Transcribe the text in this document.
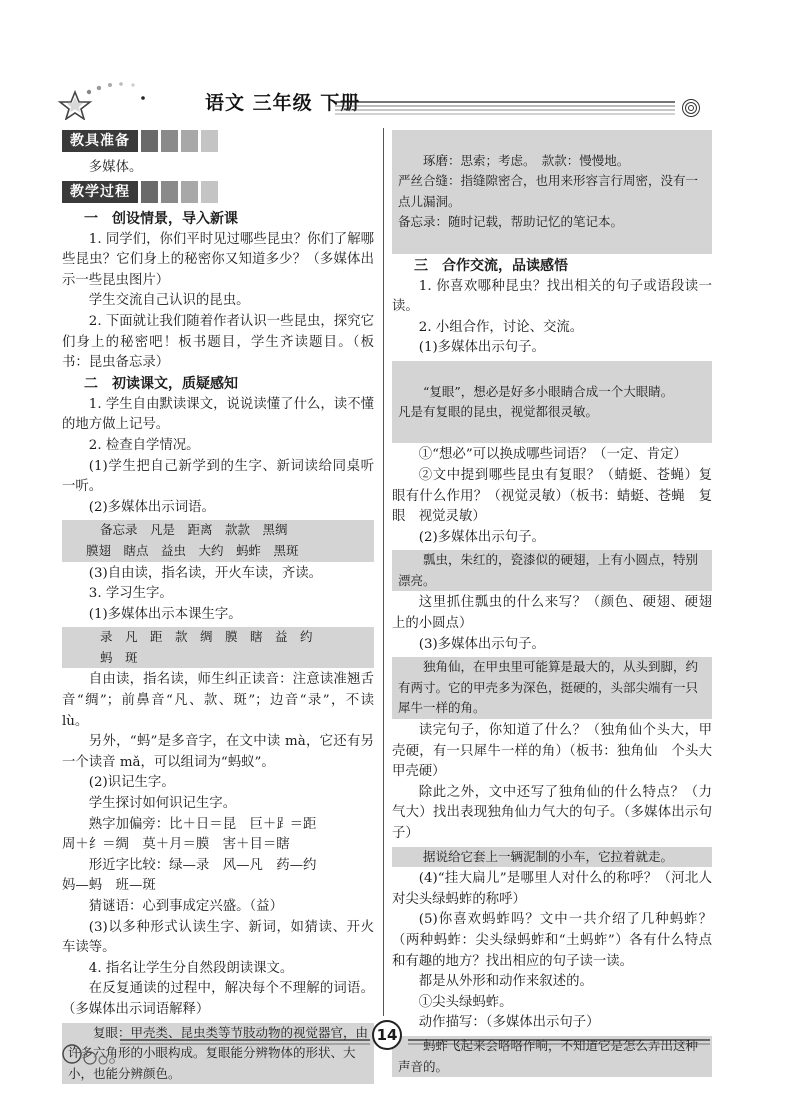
语文 三年级 下册
教具准备

多媒体。

教学过程

一　创设情景，导入新课

1. 同学们，你们平时见过哪些昆虫？你们了解哪些昆虫？它们身上的秘密你又知道多少？（多媒体出示一些昆虫图片）

学生交流自己认识的昆虫。

2. 下面就让我们随着作者认识一些昆虫，探究它们身上的秘密吧！板书题目，学生齐读题目。（板书：昆虫备忘录）

二　初读课文，质疑感知

1. 学生自由默读课文，说说读懂了什么，读不懂的地方做上记号。

2. 检查自学情况。

(1)学生把自己新学到的生字、新词读给同桌听一听。

(2)多媒体出示词语。

备忘录　凡是　距离　款款　黑绸
膜翅　瞎点　益虫　大约　蚂蚱　黑斑

(3)自由读，指名读，开火车读，齐读。

3. 学习生字。

(1)多媒体出示本课生字。

录　凡　距　款　绸　膜　瞎　益　约
蚂　斑

自由读，指名读，师生纠正读音：注意读准翘舌音“绸”；前鼻音“凡、款、斑”；边音“录”，不读 lù。

另外，“蚂”是多音字，在文中读 mà，它还有另一个读音 mǎ，可以组词为“蚂蚁”。

(2)识记生字。

学生探讨如何识记生字。

熟字加偏旁：比＋日＝昆　巨＋⻊＝距

周＋纟＝绸　莫＋月＝膜　害＋目＝瞎

形近字比较：绿—录　风—凡　药—约

妈—蚂　班—斑

猜谜语：心到事成定兴盛。（益）

(3)以多种形式认读生字、新词，如猜读、开火车读等。

4. 指名让学生分自然段朗读课文。

在反复通读的过程中，解决每个不理解的词语。（多媒体出示词语解释）

复眼：甲壳类、昆虫类等节肢动物的视觉器官，由许多六角形的小眼构成。复眼能分辨物体的形状、大小，也能分辨颜色。

琢磨：思索；考虑。　款款：慢慢地。
严丝合缝：指缝隙密合，也用来形容言行周密，没有一点儿漏洞。
备忘录：随时记载，帮助记忆的笔记本。

三　合作交流，品读感悟

1. 你喜欢哪种昆虫？找出相关的句子或语段读一读。

2. 小组合作，讨论、交流。

(1)多媒体出示句子。

“复眼”，想必是好多小眼睛合成一个大眼睛。
凡是有复眼的昆虫，视觉都很灵敏。

①“想必”可以换成哪些词语？（一定、肯定）

②文中提到哪些昆虫有复眼？（蜻蜓、苍蝇）复眼有什么作用？（视觉灵敏）（板书：蜻蜓、苍蝇　复眼　视觉灵敏）

(2)多媒体出示句子。

瓢虫，朱红的，瓷漆似的硬翅，上有小圆点，特别漂亮。

这里抓住瓢虫的什么来写？（颜色、硬翅、硬翅上的小圆点）

(3)多媒体出示句子。

独角仙，在甲虫里可能算是最大的，从头到脚，约有两寸。它的甲壳多为深色，挺硬的，头部尖端有一只犀牛一样的角。

读完句子，你知道了什么？（独角仙个头大，甲壳硬，有一只犀牛一样的角）（板书：独角仙　个头大　甲壳硬）

除此之外，文中还写了独角仙的什么特点？（力气大）找出表现独角仙力气大的句子。（多媒体出示句子）

据说给它套上一辆泥制的小车，它拉着就走。

(4)“挂大扁儿”是哪里人对什么的称呼？（河北人对尖头绿蚂蚱的称呼）

(5)你喜欢蚂蚱吗？文中一共介绍了几种蚂蚱？（两种蚂蚱：尖头绿蚂蚱和“土蚂蚱”）各有什么特点和有趣的地方？找出相应的句子读一读。

都是从外形和动作来叙述的。

①尖头绿蚂蚱。

动作描写：（多媒体出示句子）

蚂蚱飞起来会咯咯作响，不知道它是怎么弄出这种声音的。

14
